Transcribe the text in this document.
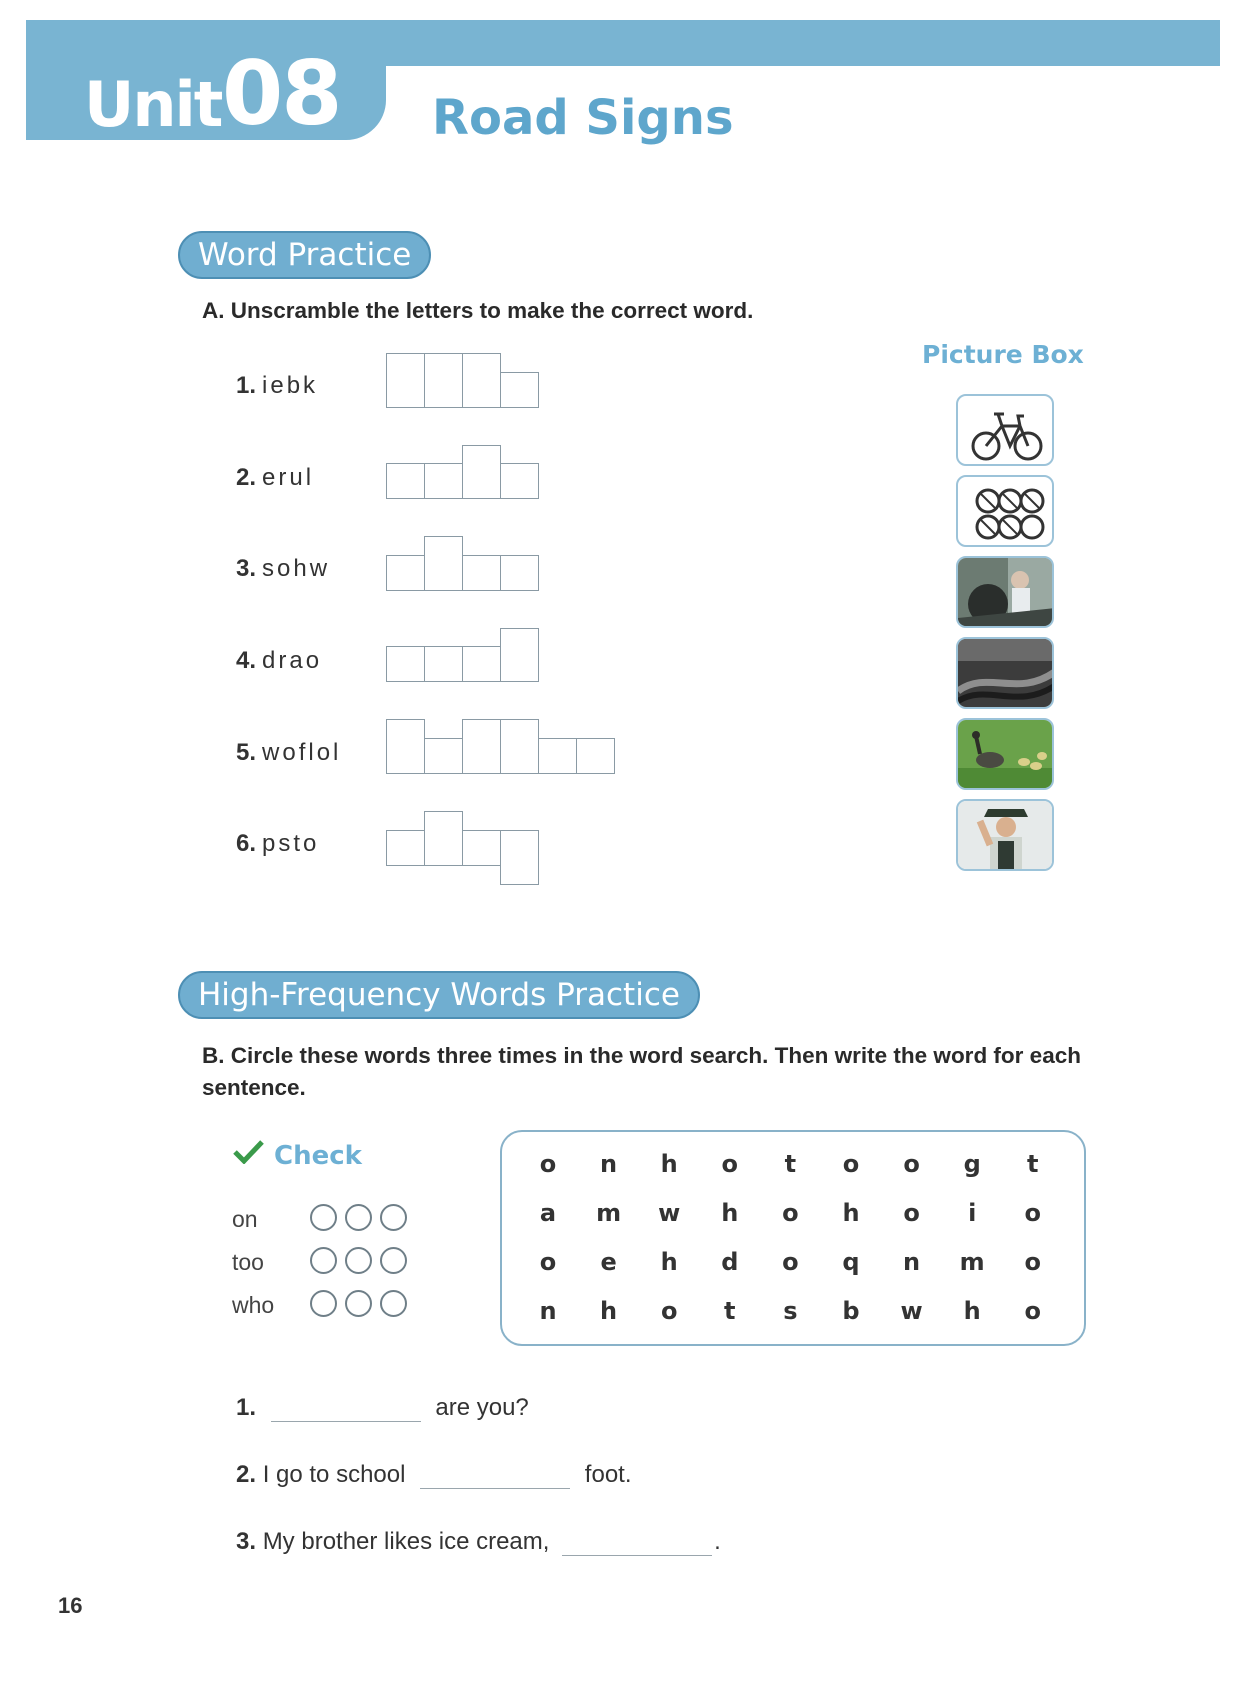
Unit 08 Road Signs
Word Practice
A. Unscramble the letters to make the correct word.
1. iebk
2. erul
3. sohw
4. drao
5. woflol
6. psto
Picture Box
High-Frequency Words Practice
B. Circle these words three times in the word search. Then write the word for each sentence.
Check
on
too
who
o	n	h	o	t	o	o	g	t
a	m	w	h	o	h	o	i	o
o	e	h	d	o	q	n	m	o
n	h	o	t	s	b	w	h	o
1.	are you?
2. I go to school	foot.
3. My brother likes ice cream,	.
16
